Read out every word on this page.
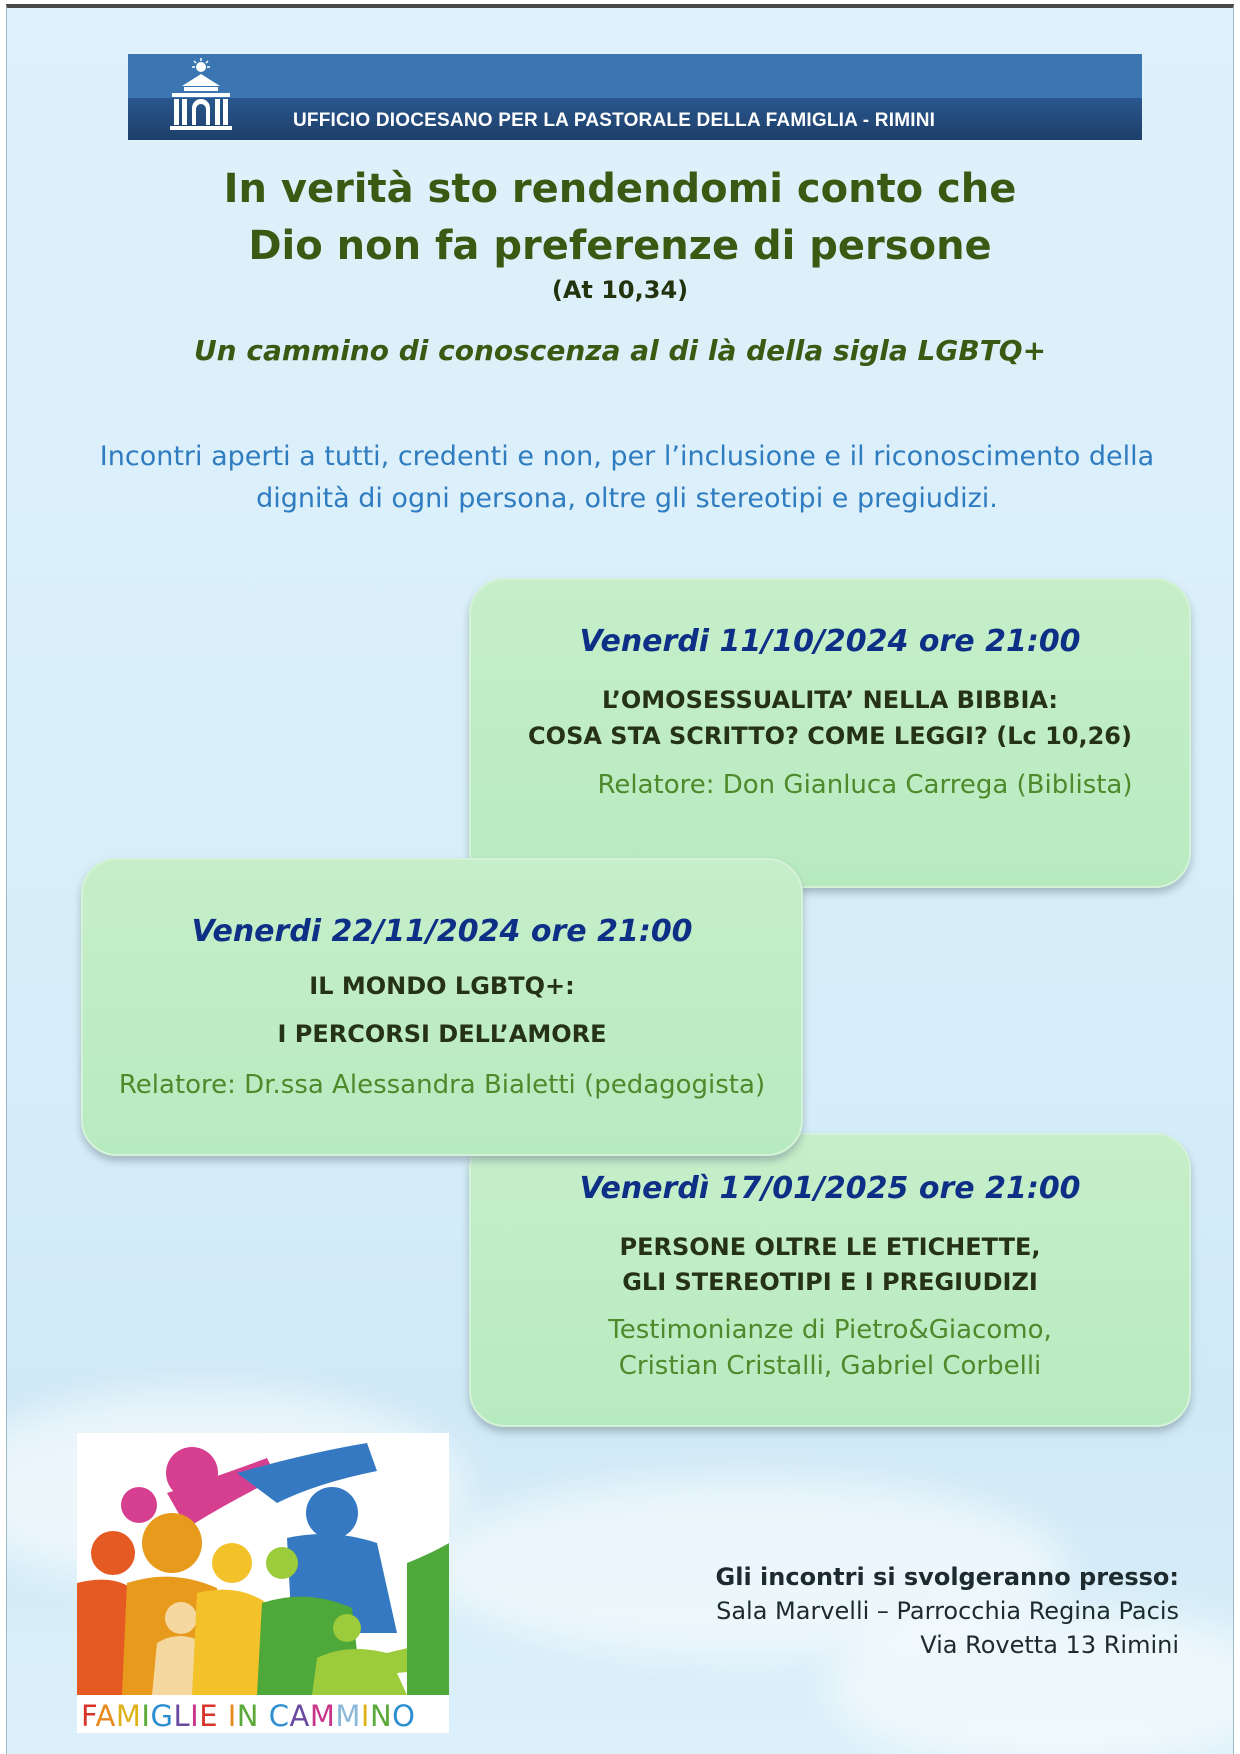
UFFICIO DIOCESANO PER LA PASTORALE DELLA FAMIGLIA - RIMINI
In verità sto rendendomi conto che
Dio non fa preferenze di persone
(At 10,34)
Un cammino di conoscenza al di là della sigla LGBTQ+
Incontri aperti a tutti, credenti e non, per l’inclusione e il riconoscimento della
dignità di ogni persona, oltre gli stereotipi e pregiudizi.
Venerdi 11/10/2024 ore 21:00
L’OMOSESSUALITA’ NELLA BIBBIA:
COSA STA SCRITTO? COME LEGGI? (Lc 10,26)
Relatore: Don Gianluca Carrega (Biblista)
Venerdì 17/01/2025 ore 21:00
PERSONE OLTRE LE ETICHETTE,
GLI STEREOTIPI E I PREGIUDIZI
Testimonianze di Pietro&Giacomo,
Cristian Cristalli, Gabriel Corbelli
Venerdi 22/11/2024 ore 21:00
IL MONDO LGBTQ+:
I PERCORSI DELL’AMORE
Relatore: Dr.ssa Alessandra Bialetti (pedagogista)
FAMIGLIE IN CAMMINO
Gli incontri si svolgeranno presso:
Sala Marvelli – Parrocchia Regina Pacis
Via Rovetta 13 Rimini
